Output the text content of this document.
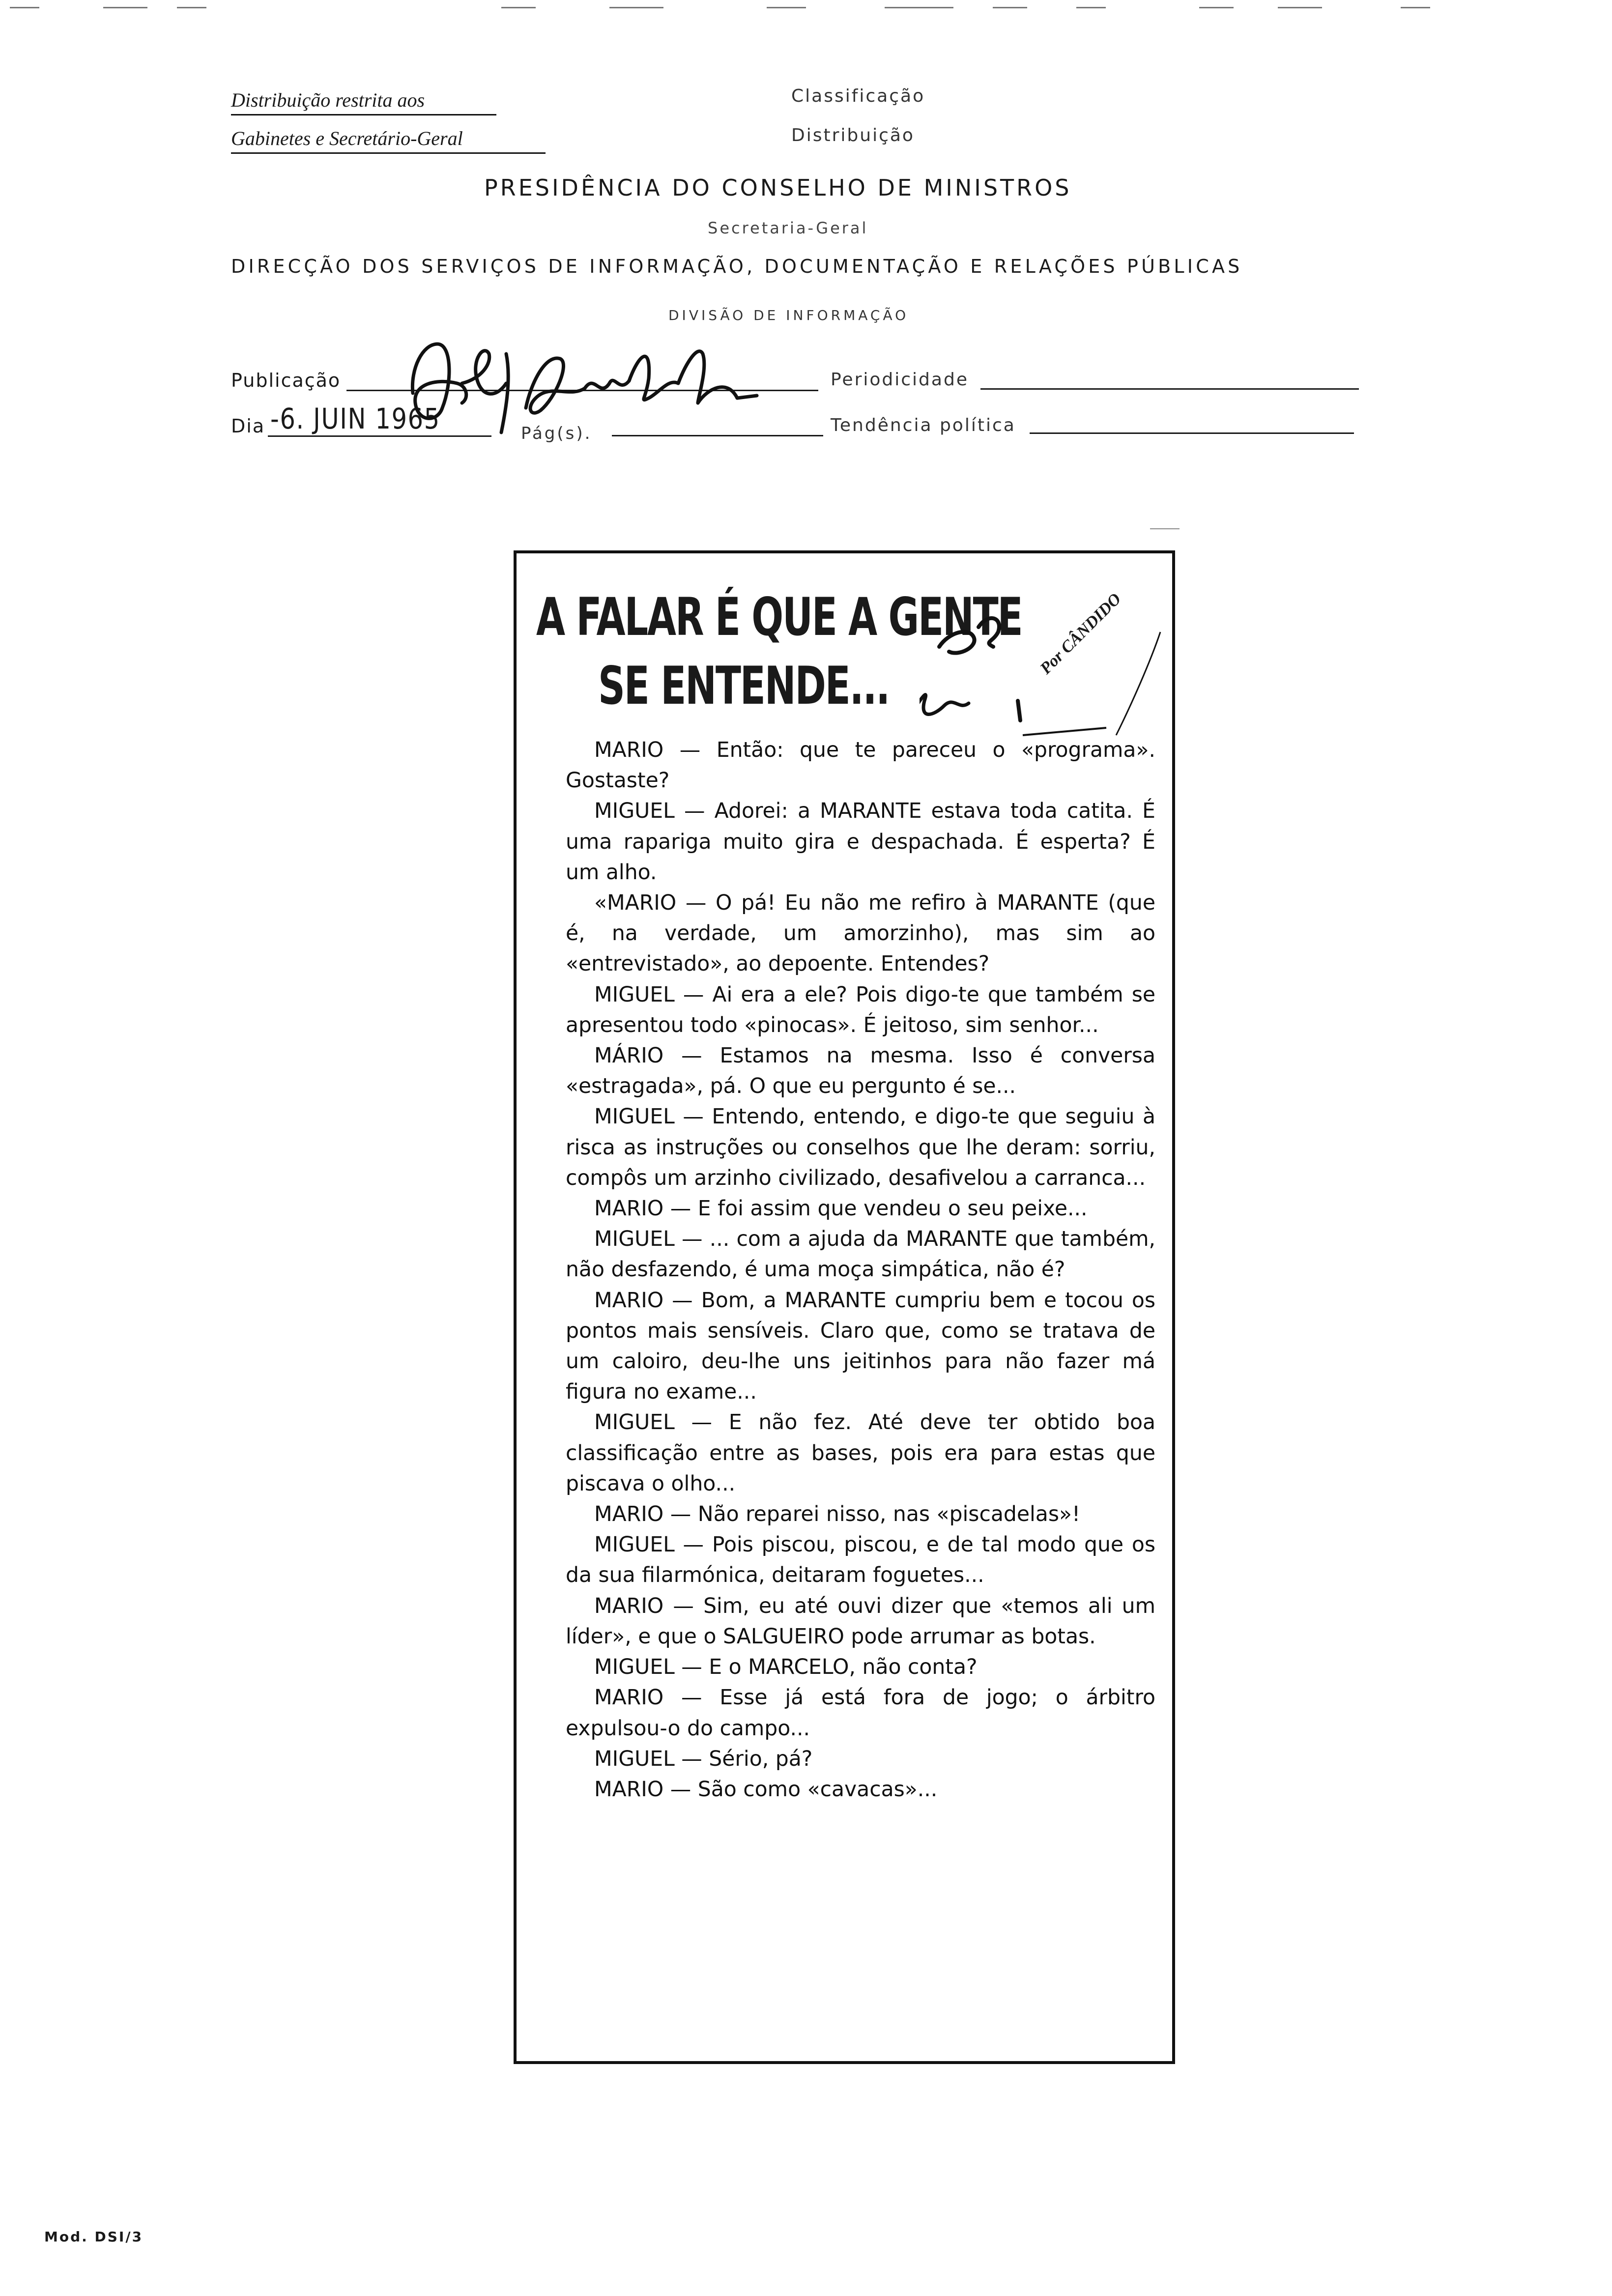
Distribuição restrita aos
Gabinetes e Secretário-Geral
Classificação
Distribuição
PRESIDÊNCIA DO CONSELHO DE MINISTROS
Secretaria-Geral
DIRECÇÃO DOS SERVIÇOS DE INFORMAÇÃO, DOCUMENTAÇÃO E RELAÇÕES PÚBLICAS
DIVISÃO DE INFORMAÇÃO
Publicação	Periodicidade
Dia -6. JUIN 1965	Pág(s).	Tendência política
A FALAR É QUE A GENTE
SE ENTENDE...
Por CÂNDIDO

MARIO — Então: que te pareceu o «programa». Gostaste?

MIGUEL — Adorei: a MARANTE estava toda catita. É uma rapariga muito gira e despachada. É esperta? É um alho.

«MARIO — O pá! Eu não me refiro à MARANTE (que é, na verdade, um amorzinho), mas sim ao «entrevistado», ao depoente. Entendes?

MIGUEL — Ai era a ele? Pois digo-te que também se apresentou todo «pinocas». É jeitoso, sim senhor...

MÁRIO — Estamos na mesma. Isso é conversa «estragada», pá. O que eu pergunto é se...

MIGUEL — Entendo, entendo, e digo-te que seguiu à risca as instruções ou conselhos que lhe deram: sorriu, compôs um arzinho civilizado, desafivelou a carranca...

MARIO — E foi assim que vendeu o seu peixe...

MIGUEL — ... com a ajuda da MARANTE que também, não desfazendo, é uma moça simpática, não é?

MARIO — Bom, a MARANTE cumpriu bem e tocou os pontos mais sensíveis. Claro que, como se tratava de um caloiro, deu-lhe uns jeitinhos para não fazer má figura no exame...

MIGUEL — E não fez. Até deve ter obtido boa classificação entre as bases, pois era para estas que piscava o olho...

MARIO — Não reparei nisso, nas «piscadelas»!

MIGUEL — Pois piscou, piscou, e de tal modo que os da sua filarmónica, deitaram foguetes...

MARIO — Sim, eu até ouvi dizer que «temos ali um líder», e que o SALGUEIRO pode arrumar as botas.

MIGUEL — E o MARCELO, não conta?

MARIO — Esse já está fora de jogo; o árbitro expulsou-o do campo...

MIGUEL — Sério, pá?

MARIO — São como «cavacas»...

Mod. DSI/3
